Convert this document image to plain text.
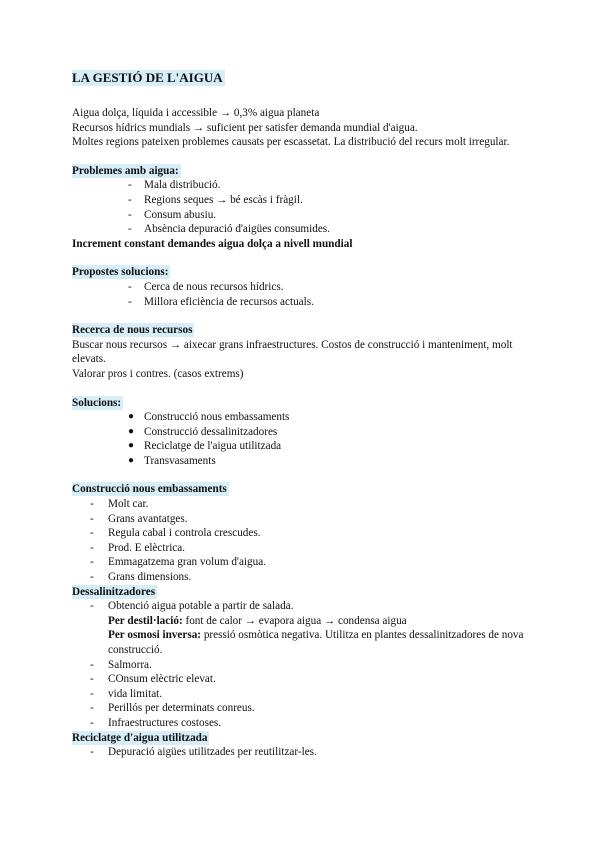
LA GESTIÓ DE L'AIGUA

Aigua dolça, líquida i accessible → 0,3% aigua planeta

Recursos hídrics mundials → suficient per satisfer demanda mundial d'aigua.

Moltes regions pateixen problemes causats per escassetat. La distribució del recurs molt irregular.

Problemes amb aigua:
- Mala distribució.
- Regions seques → bé escàs i fràgil.
- Consum abusiu.
- Absència depuració d'aigües consumides.

Increment constant demandes aigua dolça a nivell mundial

Propostes solucions:
- Cerca de nous recursos hídrics.
- Millora eficiència de recursos actuals.
Recerca de nous recursos

Buscar nous recursos → aixecar grans infraestructures. Costos de construcció i manteniment, molt elevats.

Valorar pros i contres. (casos extrems)

Solucions:
● Construcció nous embassaments
● Construcció dessalinitzadores
● Reciclatge de l'aigua utilitzada
● Transvasaments
Construcció nous embassaments
- Molt car.
- Grans avantatges.
- Regula cabal i controla crescudes.
- Prod. E elèctrica.
- Emmagatzema gran volum d'aigua.
- Grans dimensions.
Dessalinitzadores
- Obtenció aigua potable a partir de salada.
Per destil·lació: font de calor → evapora aigua → condensa aigua
Per osmosi inversa: pressió osmòtica negativa. Utilitza en plantes dessalinitzadores de nova construcció.
- Salmorra.
- COnsum elèctric elevat.
- vida limitat.
- Perillós per determinats conreus.
- Infraestructures costoses.
Reciclatge d'aigua utilitzada
- Depuració aigües utilitzades per reutilitzar-les.
